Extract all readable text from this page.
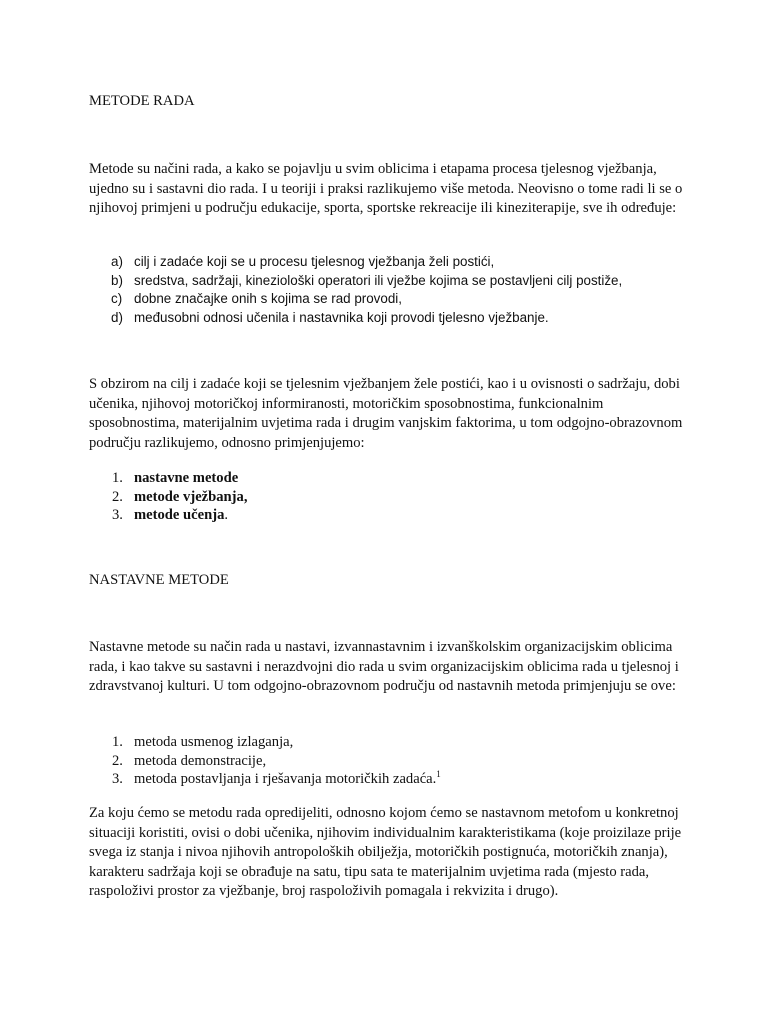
METODE RADA

Metode su načini rada, a kako se pojavlju u svim oblicima i etapama procesa tjelesnog vježbanja, ujedno su i sastavni dio rada. I u teoriji i praksi razlikujemo više metoda. Neovisno o tome radi li se o njihovoj primjeni u području edukacije, sporta, sportske rekreacije ili kineziterapije, sve ih određuje:

a) cilj i zadaće koji se u procesu tjelesnog vježbanja želi postići,
b) sredstva, sadržaji, kineziološki operatori ili vježbe kojima se postavljeni cilj postiže,
c) dobne značajke onih s kojima se rad provodi,
d) međusobni odnosi učenila i nastavnika koji provodi tjelesno vježbanje.

S obzirom na cilj i zadaće koji se tjelesnim vježbanjem žele postići, kao i u ovisnosti o sadržaju, dobi učenika, njihovoj motoričkoj informiranosti, motoričkim sposobnostima, funkcionalnim sposobnostima, materijalnim uvjetima rada i drugim vanjskim faktorima, u tom odgojno-obrazovnom području razlikujemo, odnosno primjenjujemo:

1. nastavne metode
2. metode vježbanja,
3. metode učenja.
NASTAVNE METODE

Nastavne metode su način rada u nastavi, izvannastavnim i izvanškolskim organizacijskim oblicima rada, i kao takve su sastavni i nerazdvojni dio rada u svim organizacijskim oblicima rada u tjelesnoj i zdravstvanoj kulturi. U tom odgojno-obrazovnom području od nastavnih metoda primjenjuju se ove:

1. metoda usmenog izlaganja,
2. metoda demonstracije,
3. metoda postavljanja i rješavanja motoričkih zadaća.$^1$

Za koju ćemo se metodu rada opredijeliti, odnosno kojom ćemo se nastavnom metofom u konkretnoj situaciji koristiti, ovisi o dobi učenika, njihovim individualnim karakteristikama (koje proizilaze prije svega iz stanja i nivoa njihovih antropoloških obilježja, motoričkih postignuća, motoričkih znanja), karakteru sadržaja koji se obrađuje na satu, tipu sata te materijalnim uvjetima rada (mjesto rada, raspoloživi prostor za vježbanje, broj raspoloživih pomagala i rekvizita i drugo).
